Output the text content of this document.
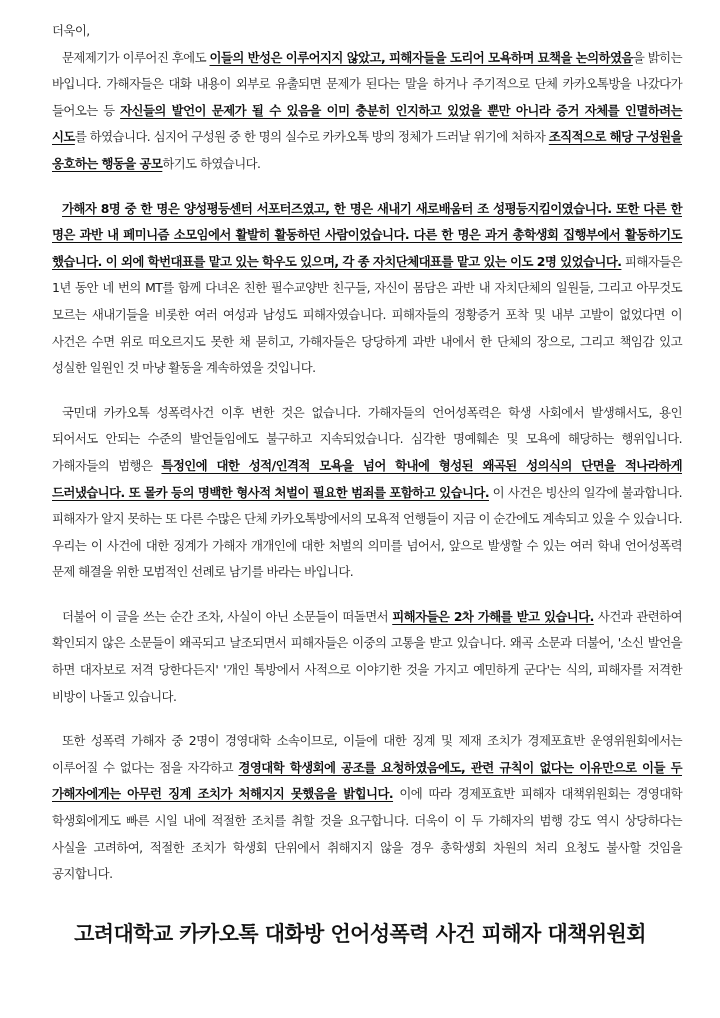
더욱이,

문제제기가 이루어진 후에도 이들의 반성은 이루어지지 않았고, 피해자들을 도리어 모욕하며 묘책을 논의하였음을 밝히는 바입니다. 가해자들은 대화 내용이 외부로 유출되면 문제가 된다는 말을 하거나 주기적으로 단체 카카오톡방을 나갔다가 들어오는 등 자신들의 발언이 문제가 될 수 있음을 이미 충분히 인지하고 있었을 뿐만 아니라 증거 자체를 인멸하려는 시도를 하였습니다. 심지어 구성원 중 한 명의 실수로 카카오톡 방의 정체가 드러날 위기에 처하자 조직적으로 해당 구성원을 옹호하는 행동을 공모하기도 하였습니다.

가해자 8명 중 한 명은 양성평등센터 서포터즈였고, 한 명은 새내기 새로배움터 조 성평등지킴이였습니다. 또한 다른 한 명은 과반 내 페미니즘 소모임에서 활발히 활동하던 사람이었습니다. 다른 한 명은 과거 총학생회 집행부에서 활동하기도 했습니다. 이 외에 학번대표를 맡고 있는 학우도 있으며, 각 종 자치단체대표를 맡고 있는 이도 2명 있었습니다. 피해자들은 1년 동안 네 번의 MT를 함께 다녀온 친한 필수교양반 친구들, 자신이 몸담은 과반 내 자치단체의 일원들, 그리고 아무것도 모르는 새내기들을 비롯한 여러 여성과 남성도 피해자였습니다. 피해자들의 정황증거 포착 및 내부 고발이 없었다면 이 사건은 수면 위로 떠오르지도 못한 채 묻히고, 가해자들은 당당하게 과반 내에서 한 단체의 장으로, 그리고 책임감 있고 성실한 일원인 것 마냥 활동을 계속하였을 것입니다.

국민대 카카오톡 성폭력사건 이후 변한 것은 없습니다. 가해자들의 언어성폭력은 학생 사회에서 발생해서도, 용인 되어서도 안되는 수준의 발언들임에도 불구하고 지속되었습니다. 심각한 명예훼손 및 모욕에 해당하는 행위입니다. 가해자들의 범행은 특정인에 대한 성적/인격적 모욕을 넘어 학내에 형성된 왜곡된 성의식의 단면을 적나라하게 드러냈습니다. 또 몰카 등의 명백한 형사적 처벌이 필요한 범죄를 포함하고 있습니다. 이 사건은 빙산의 일각에 불과합니다. 피해자가 알지 못하는 또 다른 수많은 단체 카카오톡방에서의 모욕적 언행들이 지금 이 순간에도 계속되고 있을 수 있습니다. 우리는 이 사건에 대한 징계가 가해자 개개인에 대한 처벌의 의미를 넘어서, 앞으로 발생할 수 있는 여러 학내 언어성폭력 문제 해결을 위한 모범적인 선례로 남기를 바라는 바입니다.

더불어 이 글을 쓰는 순간 조차, 사실이 아닌 소문들이 떠돌면서 피해자들은 2차 가해를 받고 있습니다. 사건과 관련하여 확인되지 않은 소문들이 왜곡되고 날조되면서 피해자들은 이중의 고통을 받고 있습니다. 왜곡 소문과 더불어, '소신 발언을 하면 대자보로 저격 당한다든지' '개인 톡방에서 사적으로 이야기한 것을 가지고 예민하게 군다'는 식의, 피해자를 저격한 비방이 나돌고 있습니다.

또한 성폭력 가해자 중 2명이 경영대학 소속이므로, 이들에 대한 징계 및 제재 조치가 경제포효반 운영위원회에서는 이루어질 수 없다는 점을 자각하고 경영대학 학생회에 공조를 요청하였음에도, 관련 규칙이 없다는 이유만으로 이들 두 가해자에게는 아무런 징계 조치가 처해지지 못했음을 밝힙니다. 이에 따라 경제포효반 피해자 대책위원회는 경영대학 학생회에게도 빠른 시일 내에 적절한 조치를 취할 것을 요구합니다. 더욱이 이 두 가해자의 범행 강도 역시 상당하다는 사실을 고려하여, 적절한 조치가 학생회 단위에서 취해지지 않을 경우 총학생회 차원의 처리 요청도 불사할 것임을 공지합니다.

고려대학교 카카오톡 대화방 언어성폭력 사건 피해자 대책위원회
